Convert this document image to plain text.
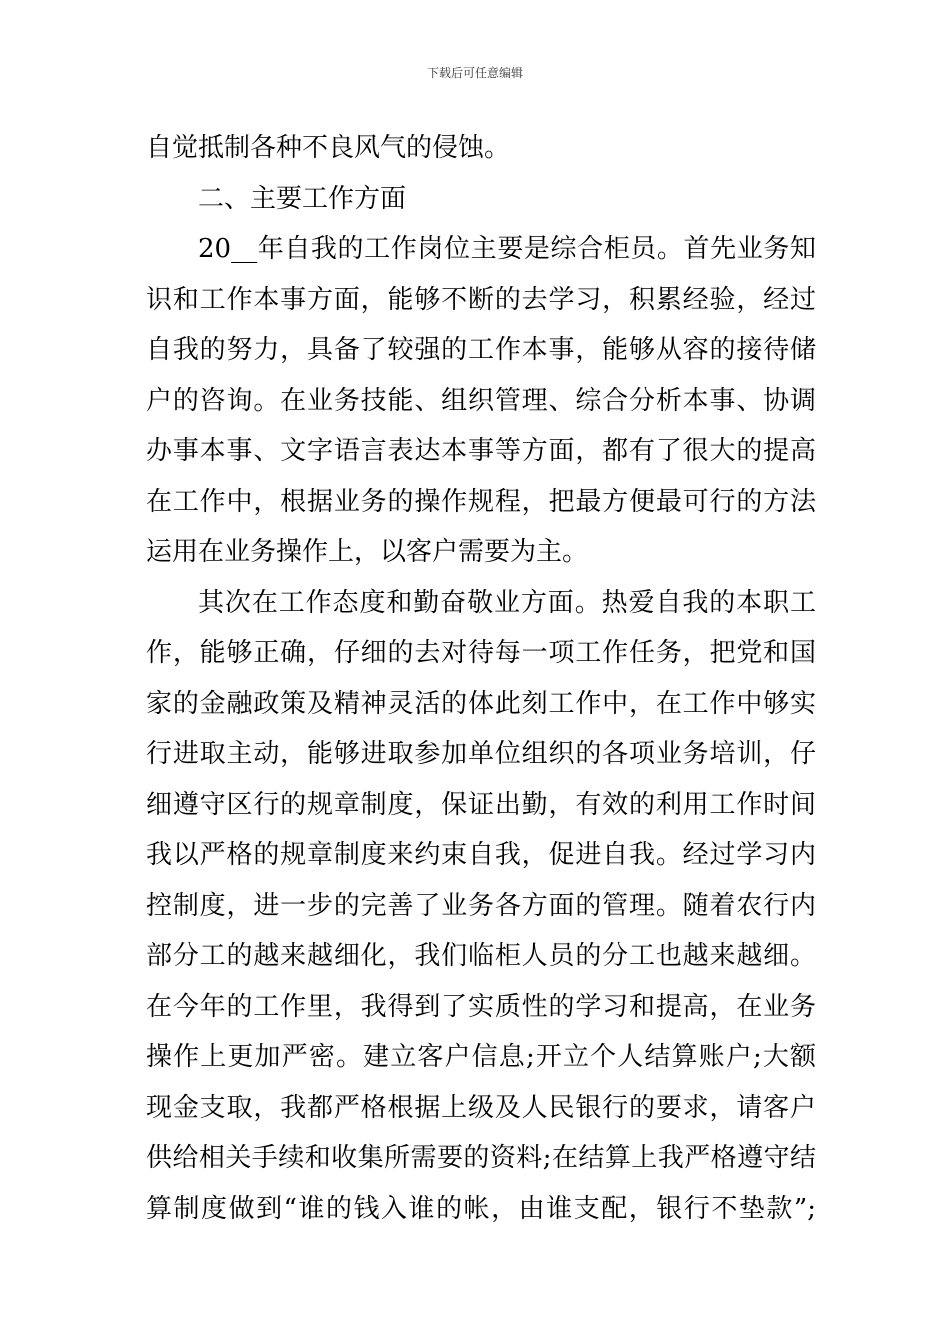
下载后可任意编辑
自觉抵制各种不良风气的侵蚀。
二、主要工作方面
20__年自我的工作岗位主要是综合柜员。首先业务知
识和工作本事方面，能够不断的去学习，积累经验，经过
自我的努力，具备了较强的工作本事，能够从容的接待储
户的咨询。在业务技能、组织管理、综合分析本事、协调
办事本事、文字语言表达本事等方面，都有了很大的提高
在工作中，根据业务的操作规程，把最方便最可行的方法
运用在业务操作上，以客户需要为主。
其次在工作态度和勤奋敬业方面。热爱自我的本职工
作，能够正确，仔细的去对待每一项工作任务，把党和国
家的金融政策及精神灵活的体此刻工作中，在工作中够实
行进取主动，能够进取参加单位组织的各项业务培训，仔
细遵守区行的规章制度，保证出勤，有效的利用工作时间
我以严格的规章制度来约束自我，促进自我。经过学习内
控制度，进一步的完善了业务各方面的管理。随着农行内
部分工的越来越细化，我们临柜人员的分工也越来越细。
在今年的工作里，我得到了实质性的学习和提高，在业务
操作上更加严密。建立客户信息;开立个人结算账户;大额
现金支取，我都严格根据上级及人民银行的要求，请客户
供给相关手续和收集所需要的资料;在结算上我严格遵守结
算制度做到“谁的钱入谁的帐，由谁支配，银行不垫款”;
